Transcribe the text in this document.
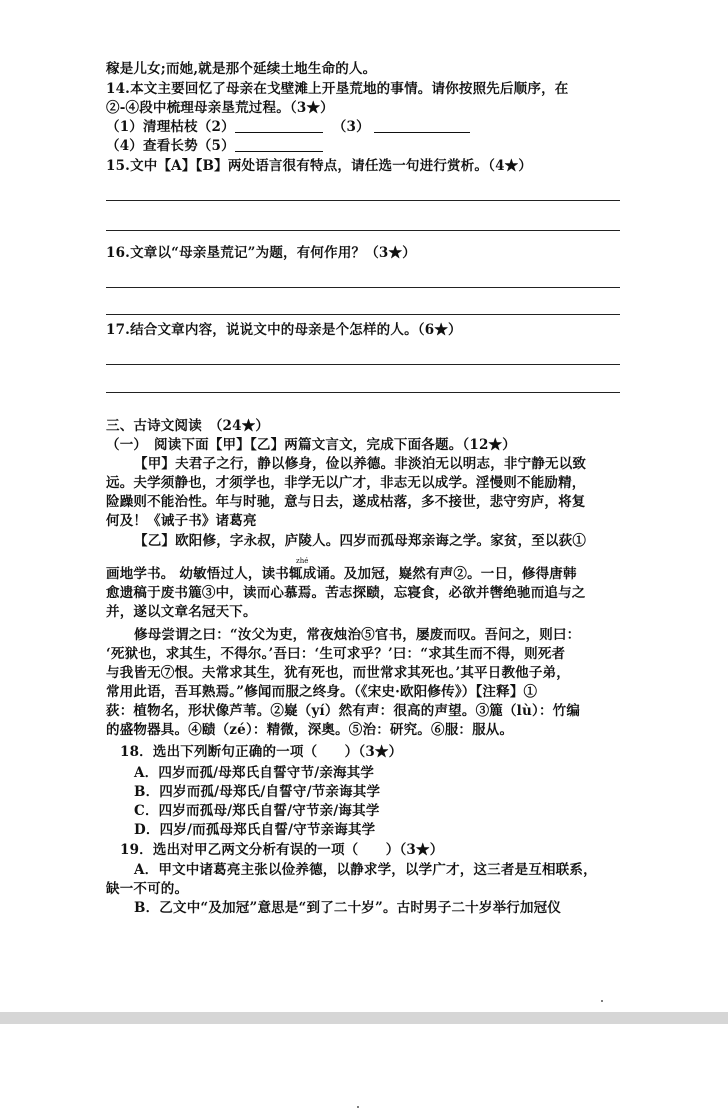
稼是儿女;而她,就是那个延续土地生命的人。
14.本文主要回忆了母亲在戈壁滩上开垦荒地的事情。请你按照先后顺序，在
②-④段中梳理母亲垦荒过程。（3★）
（1）清理枯枝（2）	（3）
（4）查看长势（5）
15.文中【A】【B】两处语言很有特点，请任选一句进行赏析。（4★）
16.文章以“母亲垦荒记”为题，有何作用？（3★）
17.结合文章内容，说说文中的母亲是个怎样的人。（6★）
三、古诗文阅读　（24★）
（一）　阅读下面【甲】【乙】两篇文言文，完成下面各题。（12★）
【甲】夫君子之行，静以修身，俭以养德。非淡泊无以明志，非宁静无以致
远。夫学须静也，才须学也，非学无以广才，非志无以成学。淫慢则不能励精，
险躁则不能治性。年与时驰，意与日去，遂成枯落，多不接世，悲守穷庐，将复
何及！《诫子书》诸葛亮
【乙】欧阳修，字永叔，庐陵人。四岁而孤母郑亲诲之学。家贫，至以荻①
zhé
画地学书。 幼敏悟过人，读书辄成诵。及加冠，嶷然有声②。一日，修得唐韩
愈遗稿于废书簏③中，读而心慕焉。苦志探赜，忘寝食，必欲并辔绝驰而追与之
并，遂以文章名冠天下。
修母尝谓之曰：“汝父为吏，常夜烛治⑤官书，屡废而叹。吾问之，则曰：
‘死狱也，求其生，不得尔。’吾曰：‘生可求乎？’曰：“求其生而不得，则死者
与我皆无⑦恨。夫常求其生，犹有死也，而世常求其死也。’其平日教他子弟，
常用此语，吾耳熟焉。”修闻而服之终身。（《宋史·欧阳修传》）【注释】①
荻：植物名，形状像芦苇。②嶷（yí）然有声：很高的声望。③簏（lù）：竹编
的盛物器具。④赜（zé）：精微，深奥。⑤治：研究。⑥服：服从。
18．选出下列断句正确的一项（　　）（3★）
A．四岁而孤/母郑氏自誓守节/亲海其学
B．四岁而孤/母郑氏/自誓守/节亲诲其学
C．四岁而孤母/郑氏自誓/守节亲/诲其学
D．四岁/而孤母郑氏自誓/守节亲诲其学
19．选出对甲乙两文分析有误的一项（　　）（3★）
A．甲文中诸葛亮主张以俭养德，以静求学，以学广才，这三者是互相联系，
缺一不可的。
B．乙文中“及加冠”意思是“到了二十岁”。古时男子二十岁举行加冠仪
